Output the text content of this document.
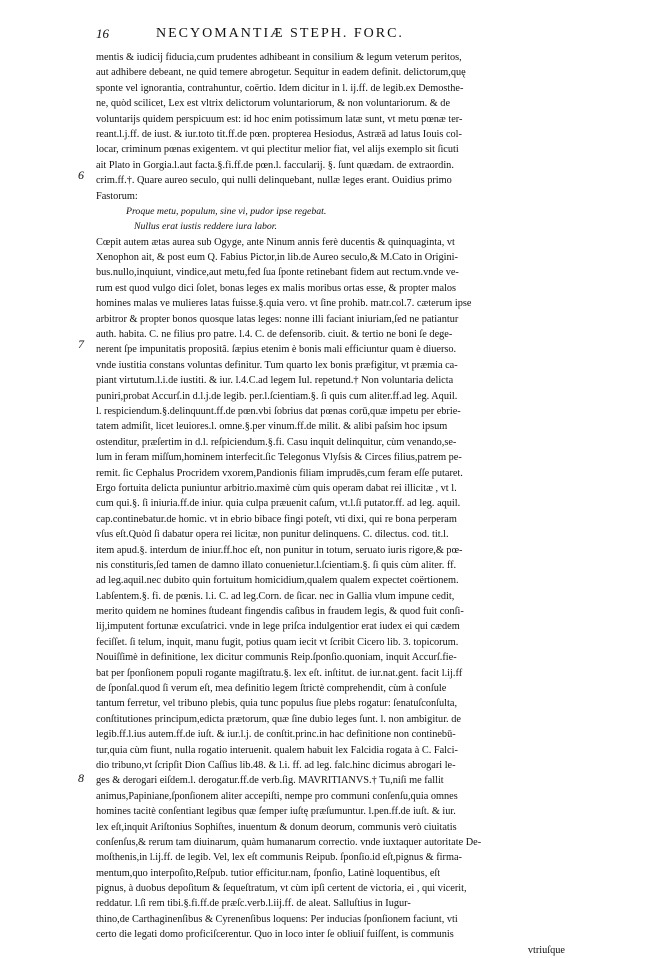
16	NECYOMANTIÆ STEPH. FORC.
6
7
8
mentis & iudicij fiducia,cum prudentes adhibeant in consilium & legum veterum peritos,
aut adhibere debeant, ne quid temere abrogetur. Sequitur in eadem definit. delictorum,quę
sponte vel ignorantia, contrahuntur, coërtio. Idem dicitur in l. ij.ff. de legib.ex Demosthe-
ne, quòd scilicet, Lex est vltrix delictorum voluntariorum, & non voluntariorum. & de
voluntarijs quidem perspicuum est: id hoc enim potissimum latæ sunt, vt metu pœnæ ter-
reant.l.j.ff. de iust. & iur.toto tit.ff.de pœn. propterea Hesiodus, Astræā ad latus Iouis col-
locar, criminum pœnas exigentem. vt qui plectitur melior fiat, vel alijs exemplo sit ſicuti
ait Plato in Gorgia.l.aut facta.§.fi.ff.de pœn.l. faccularij. §. ſunt quædam. de extraordin.
crim.ff.†. Quare aureo seculo, qui nulli delinquebant, nullæ leges erant. Ouidius primo
Fastorum:
Proque metu, populum, sine vi, pudor ipse regebat.
Nullus erat iustis reddere iura labor.
Cœpit autem ætas aurea sub Ogyge, ante Ninum annis ferè ducentis & quinquaginta, vt
Xenophon ait, & post eum Q. Fabius Pictor,in lib.de Aureo seculo,& M.Cato in Origini-
bus.nullo,inquiunt, vindice,aut metu,fed ſua ſponte retinebant fidem aut rectum.vnde ve-
rum est quod vulgo dici ſolet, bonas leges ex malis moribus ortas esse, & propter malos
homines malas ve mulieres latas fuisse.§.quia vero. vt ſine prohib. matr.col.7. cæterum ipse
arbitror & propter bonos quosque latas leges: nonne illi faciant iniuriam,ſed ne patiantur
auth. habita. C. ne filius pro patre. l.4. C. de defensorib. ciuit. & tertio ne boni ſe dege-
nerent ſpe impunitatis propositâ. ſæpius etenim è bonis mali efficiuntur quam è diuerso.
vnde iustitia constans voluntas definitur. Tum quarto lex bonis præfigitur, vt præmia ca-
piant virtutum.l.i.de iustiti. & iur. l.4.C.ad legem Iul. repetund.† Non voluntaria delicta
puniri,probat Accurſ.in d.l.j.de legib. per.l.ſcientiam.§. ſi quis cum aliter.ff.ad leg. Aquil.
l. respiciendum.§.delinquunt.ff.de pœn.vbi ſobrius dat pœnas corū,quæ impetu per ebrie-
tatem admiſit, licet leuiores.l. omne.§.per vinum.ff.de milit. & alibi paſsim hoc ipsum
ostenditur, præſertim in d.l. reſpiciendum.§.fi. Casu inquit delinquitur, cùm venando,se-
lum in feram miſſum,hominem interfecit.ſic Telegonus Vlyſsis & Circes filius,patrem pe-
remit. ſic Cephalus Procridem vxorem,Pandionis filiam imprudēs,cum feram eſſe putaret.
Ergo fortuita delicta puniuntur arbitrio.maximè cùm quis operam dabat rei illicitæ , vt l.
cum qui.§. ſi iniuria.ff.de iniur. quia culpa præuenit caſum, vt.l.ſi putator.ff. ad leg. aquil.
cap.continebatur.de homic. vt in ebrio bibace fingi poteſt, vti dixi, qui re bona perperam
vſus eſt.Quòd ſi dabatur opera rei licitæ, non punitur delinquens. C. dilectus. cod. tit.l.
item apud.§. interdum de iniur.ff.hoc eſt, non punitur in totum, seruato iuris rigore,& pœ-
nis constituris,ſed tamen de damno illato conuenietur.l.ſcientiam.§. ſi quis cùm aliter. ff.
ad leg.aquil.nec dubito quin fortuitum homicidium,qualem qualem expectet coërtionem.
l.abſentem.§. fi. de pœnis. l.i. C. ad leg.Corn. de ſicar. nec in Gallia vlum impune cedit,
merito quidem ne homines ſtudeant fingendis caſibus in fraudem legis, & quod fuit conſi-
lij,imputent fortunæ excuſatrici. vnde in lege priſca indulgentior erat iudex ei qui cædem
feciſſet. ſi telum, inquit, manu fugit, potius quam iecit vt ſcribit Cicero lib. 3. topicorum.
Nouiſſimè in definitione, lex dicitur communis Reip.ſponſio.quoniam, inquit Accurſ.fie-
bat per ſponſionem populi rogante magiſtratu.§. lex eſt. inſtitut. de iur.nat.gent. facit l.ij.ff
de ſponſal.quod ſi verum eſt, mea definitio legem ſtrictè comprehendit, cùm à conſule
tantum ferretur, vel tribuno plebis, quia tunc populus ſiue plebs rogatur: ſenatuſconſulta,
conſtitutiones principum,edicta prætorum, quæ ſine dubio leges ſunt. l. non ambigitur. de
legib.ff.l.ius autem.ff.de iuſt. & iur.l.j. de conſtit.princ.in hac definitione non continebū-
tur,quia cùm fiunt, nulla rogatio interuenit. qualem habuit lex Falcidia rogata à C. Falci-
dio tribuno,vt ſcripſit Dion Caſſius lib.48. & l.i. ff. ad leg. falc.hinc dicimus abrogari le-
ges & derogari eiſdem.l. derogatur.ff.de verb.ſig. MAVRITIANVS.† Tu,niſi me fallit
animus,Papiniane,ſponſionem aliter accepiſti, nempe pro communi conſenſu,quia omnes
homines tacitè conſentiant legibus quæ ſemper iuſtę præſumuntur. l.pen.ff.de iuſt. & iur.
lex eſt,inquit Ariſtonius Sophiſtes, inuentum & donum deorum, communis verò ciuitatis
conſenſus,& rerum tam diuinarum, quàm humanarum correctio. vnde iuxtaquer autoritate De-
moſthenis,in l.ij.ff. de legib. Vel, lex eſt communis Reipub. ſponſio.id eſt,pignus & firma-
mentum,quo interpoſito,Reſpub. tutior efficitur.nam, ſponſio, Latinè loquentibus, eſt
pignus, à duobus depoſitum & ſequeſtratum, vt cùm ipſi certent de victoria, ei , qui vicerit,
reddatur. l.ſi rem tibi.§.fi.ff.de præſc.verb.l.iij.ff. de aleat. Salluſtius in Iugur-
thino,de Carthaginenſibus & Cyrenenſibus loquens: Per inducias ſponſionem faciunt, vti
certo die legati domo proficiſcerentur. Quo in loco inter ſe obliuiſ fuiſſent, is communis
vtriuſque
